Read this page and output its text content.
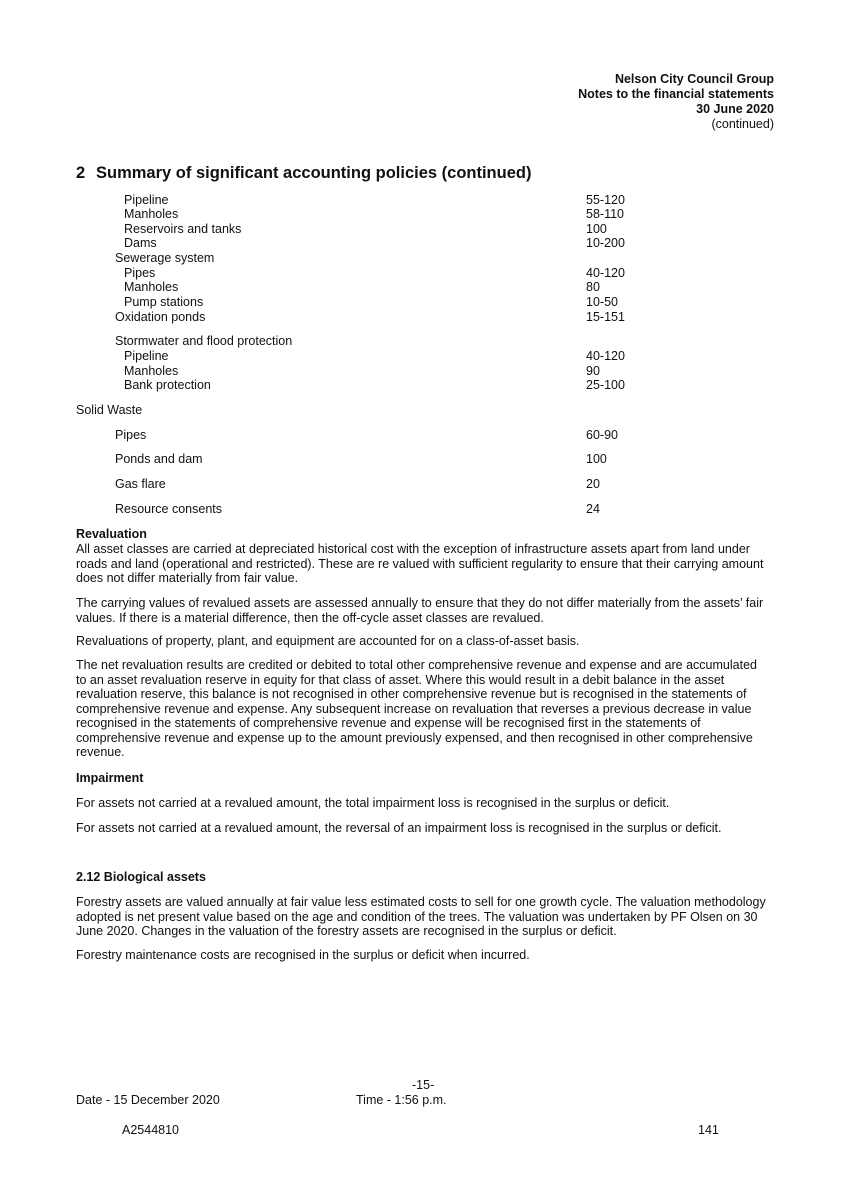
Nelson City Council Group
Notes to the financial statements
30 June 2020
(continued)
2 Summary of significant accounting policies (continued)
Pipeline	55-120
Manholes	58-110
Reservoirs and tanks	100
Dams	10-200
Sewerage system
Pipes	40-120
Manholes	80
Pump stations	10-50
Oxidation ponds	15-151
Stormwater and flood protection
Pipeline	40-120
Manholes	90
Bank protection	25-100
Solid Waste
Pipes	60-90
Ponds and dam	100
Gas flare	20
Resource consents	24
Revaluation
All asset classes are carried at depreciated historical cost with the exception of infrastructure assets apart from land under roads and land (operational and restricted). These are re valued with sufficient regularity to ensure that their carrying amount does not differ materially from fair value.
The carrying values of revalued assets are assessed annually to ensure that they do not differ materially from the assets’ fair values. If there is a material difference, then the off-cycle asset classes are revalued.
Revaluations of property, plant, and equipment are accounted for on a class-of-asset basis.
The net revaluation results are credited or debited to total other comprehensive revenue and expense and are accumulated to an asset revaluation reserve in equity for that class of asset. Where this would result in a debit balance in the asset revaluation reserve, this balance is not recognised in other comprehensive revenue but is recognised in the statements of comprehensive revenue and expense. Any subsequent increase on revaluation that reverses a previous decrease in value recognised in the statements of comprehensive revenue and expense will be recognised first in the statements of comprehensive revenue and expense up to the amount previously expensed, and then recognised in other comprehensive revenue.
Impairment
For assets not carried at a revalued amount, the total impairment loss is recognised in the surplus or deficit.
For assets not carried at a revalued amount, the reversal of an impairment loss is recognised in the surplus or deficit.
2.12 Biological assets
Forestry assets are valued annually at fair value less estimated costs to sell for one growth cycle. The valuation methodology adopted is net present value based on the age and condition of the trees. The valuation was undertaken by PF Olsen on 30 June 2020. Changes in the valuation of the forestry assets are recognised in the surplus or deficit.
Forestry maintenance costs are recognised in the surplus or deficit when incurred.
-15-
Date - 15 December 2020	Time - 1:56 p.m.
A2544810	141
